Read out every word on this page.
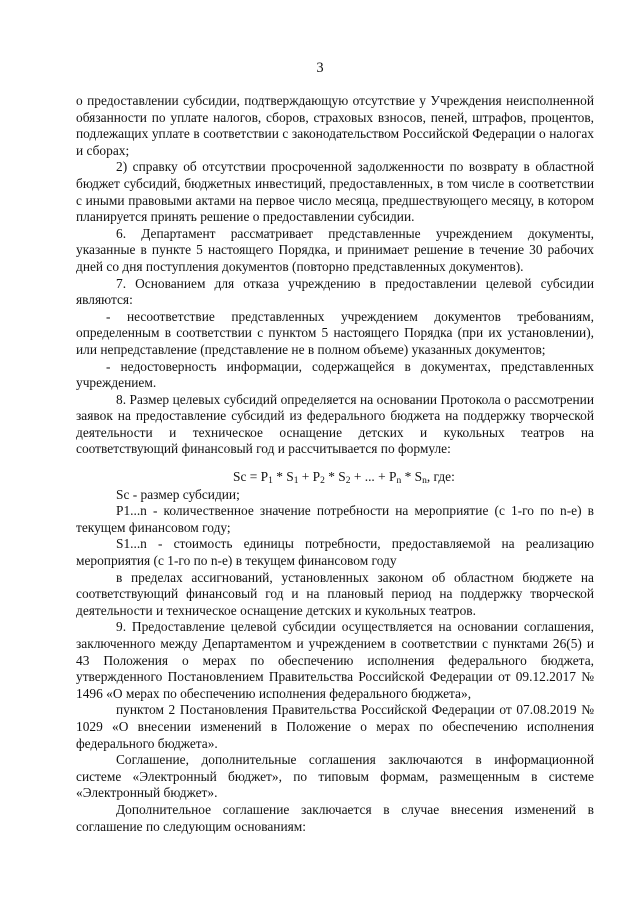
3

о предоставлении субсидии, подтверждающую отсутствие у Учреждения неисполненной обязанности по уплате налогов, сборов, страховых взносов, пеней, штрафов, процентов, подлежащих уплате в соответствии с законодательством Российской Федерации о налогах и сборах;

2) справку об отсутствии просроченной задолженности по возврату в областной бюджет субсидий, бюджетных инвестиций, предоставленных, в том числе в соответствии с иными правовыми актами на первое число месяца, предшествующего месяцу, в котором планируется принять решение о предоставлении субсидии.

6. Департамент рассматривает представленные учреждением документы, указанные в пункте 5 настоящего Порядка, и принимает решение в течение 30 рабочих дней со дня поступления документов (повторно представленных документов).

7. Основанием для отказа учреждению в предоставлении целевой субсидии являются:

- несоответствие представленных учреждением документов требованиям, определенным в соответствии с пунктом 5 настоящего Порядка (при их установлении), или непредставление (представление не в полном объеме) указанных документов;

- недостоверность информации, содержащейся в документах, представленных учреждением.

8. Размер целевых субсидий определяется на основании Протокола о рассмотрении заявок на предоставление субсидий из федерального бюджета на поддержку творческой деятельности и техническое оснащение детских и кукольных театров на соответствующий финансовый год и рассчитывается по формуле:

$Sc = P_1 * S_1 + P_2 * S_2$ + ... + $P_n * S_n$, где:

Sc - размер субсидии;

P1...n - количественное значение потребности на мероприятие (с 1-го по n-е) в текущем финансовом году;

S1...n - стоимость единицы потребности, предоставляемой на реализацию мероприятия (с 1-го по n-е) в текущем финансовом году

в пределах ассигнований, установленных законом об областном бюджете на соответствующий финансовый год и на плановый период на поддержку творческой деятельности и техническое оснащение детских и кукольных театров.

9. Предоставление целевой субсидии осуществляется на основании соглашения, заключенного между Департаментом и учреждением в соответствии с пунктами 26(5) и 43 Положения о мерах по обеспечению исполнения федерального бюджета, утвержденного Постановлением Правительства Российской Федерации от 09.12.2017 № 1496 «О мерах по обеспечению исполнения федерального бюджета»,

пунктом 2 Постановления Правительства Российской Федерации от 07.08.2019 № 1029 «О внесении изменений в Положение о мерах по обеспечению исполнения федерального бюджета».

Соглашение, дополнительные соглашения заключаются в информационной системе «Электронный бюджет», по типовым формам, размещенным в системе «Электронный бюджет».

Дополнительное соглашение заключается в случае внесения изменений в соглашение по следующим основаниям:
